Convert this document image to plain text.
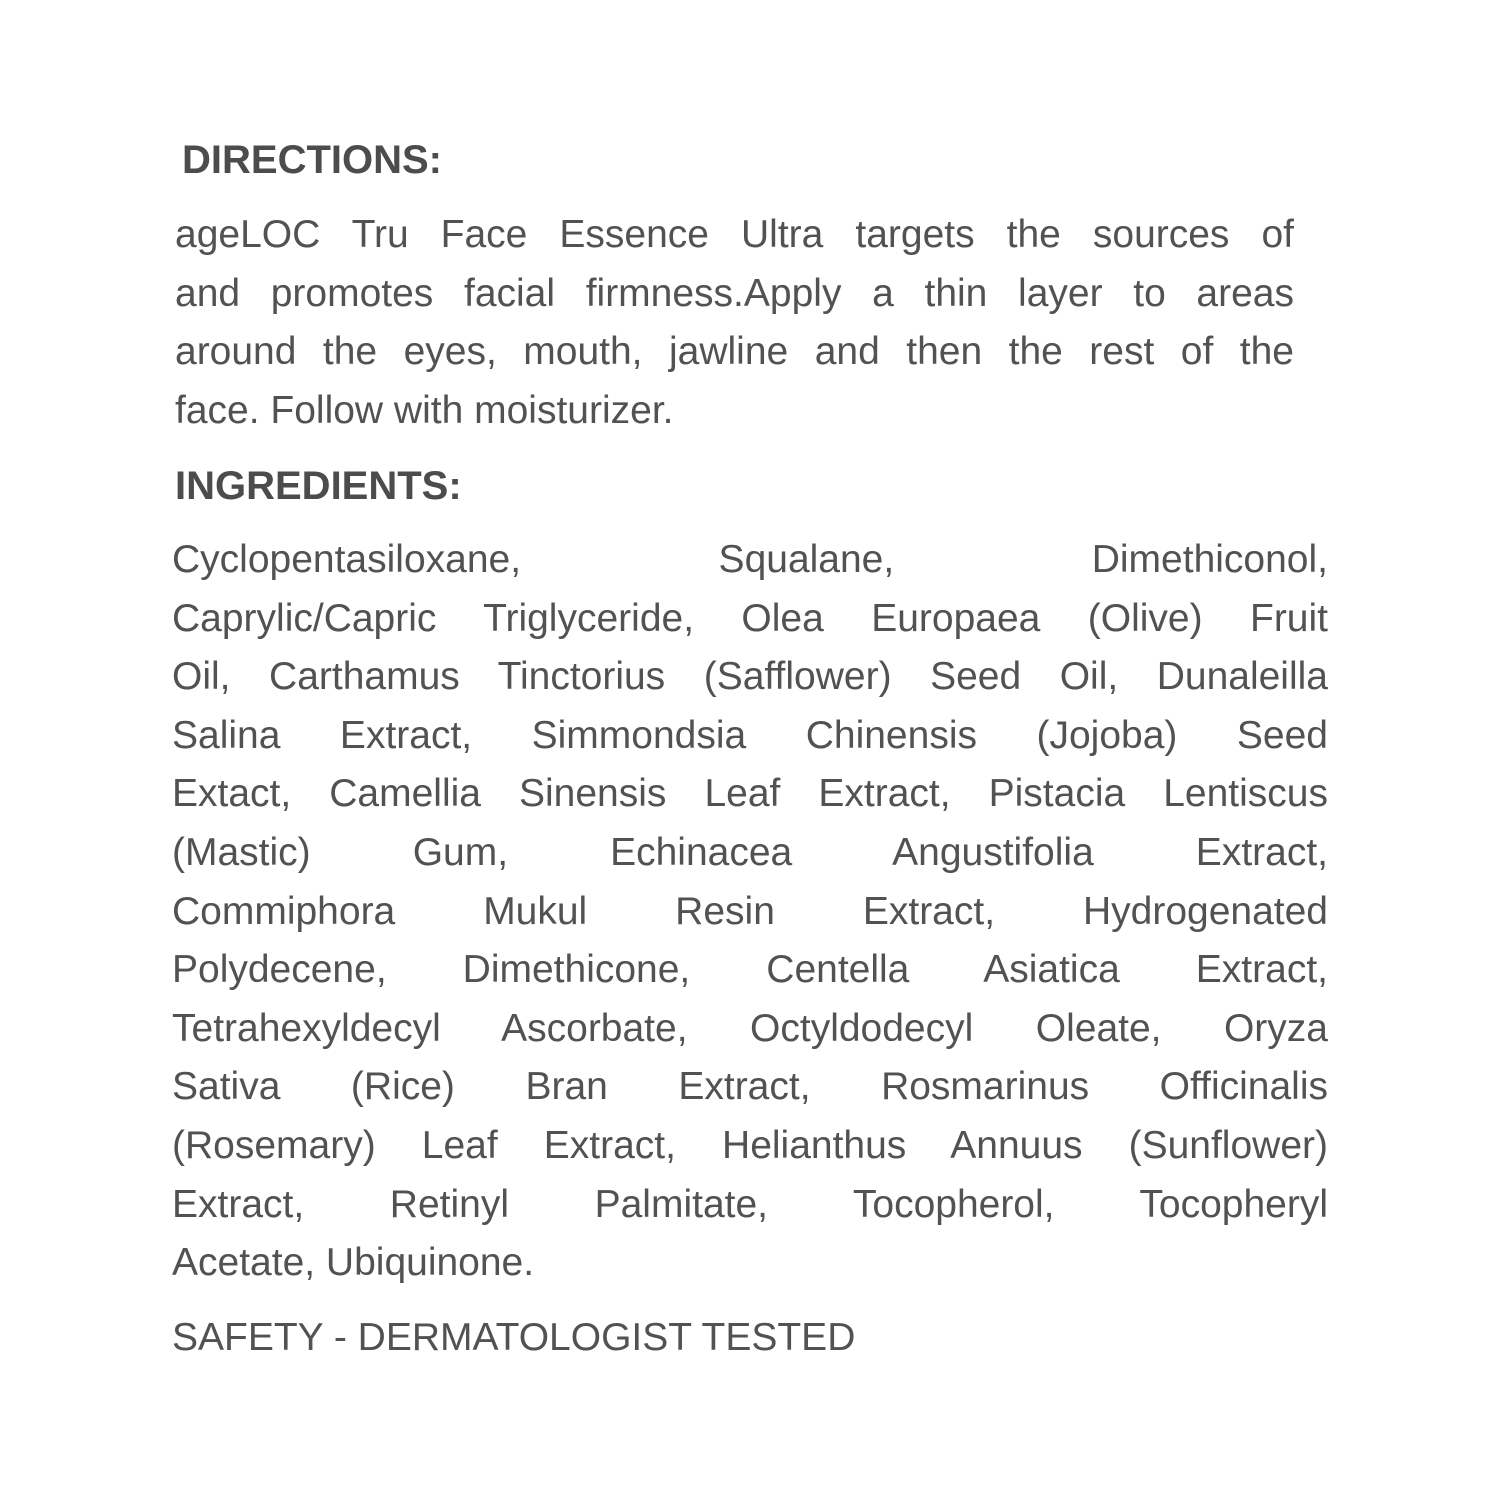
DIRECTIONS:
ageLOC Tru Face Essence Ultra targets the sources of
and promotes facial firmness.Apply a thin layer to areas
around the eyes, mouth, jawline and then the rest of the
face. Follow with moisturizer.
INGREDIENTS:
Cyclopentasiloxane, Squalane, Dimethiconol,
Caprylic/Capric Triglyceride, Olea Europaea (Olive) Fruit
Oil, Carthamus Tinctorius (Safflower) Seed Oil, Dunaleilla
Salina Extract, Simmondsia Chinensis (Jojoba) Seed
Extact, Camellia Sinensis Leaf Extract, Pistacia Lentiscus
(Mastic) Gum, Echinacea Angustifolia Extract,
Commiphora Mukul Resin Extract, Hydrogenated
Polydecene, Dimethicone, Centella Asiatica Extract,
Tetrahexyldecyl Ascorbate, Octyldodecyl Oleate, Oryza
Sativa (Rice) Bran Extract, Rosmarinus Officinalis
(Rosemary) Leaf Extract, Helianthus Annuus (Sunflower)
Extract, Retinyl Palmitate, Tocopherol, Tocopheryl
Acetate, Ubiquinone.

SAFETY - DERMATOLOGIST TESTED
